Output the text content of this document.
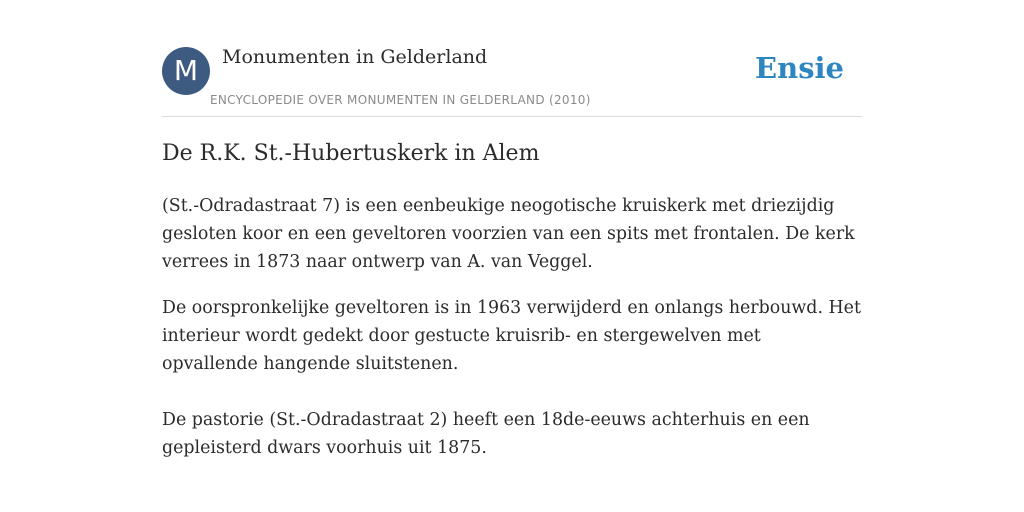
M	Monumenten in Gelderland
ENCYCLOPEDIE OVER MONUMENTEN IN GELDERLAND (2010)
Ensie
De R.K. St.-Hubertuskerk in Alem

(St.-Odradastraat 7) is een eenbeukige neogotische kruiskerk met driezijdig gesloten koor en een geveltoren voorzien van een spits met frontalen. De kerk verrees in 1873 naar ontwerp van A. van Veggel.

De oorspronkelijke geveltoren is in 1963 verwijderd en onlangs herbouwd. Het interieur wordt gedekt door gestucte kruisrib- en stergewelven met opvallende hangende sluitstenen.

De pastorie (St.-Odradastraat 2) heeft een 18de-eeuws achterhuis en een gepleisterd dwars voorhuis uit 1875.
